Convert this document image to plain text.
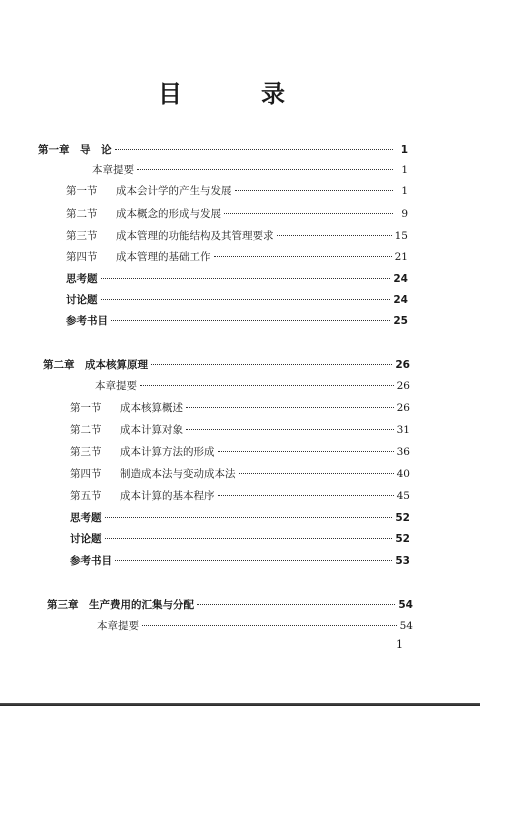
目	录
第一章　导　论	1
本章提要	1
第一节	成本会计学的产生与发展	1
第二节	成本概念的形成与发展	9
第三节	成本管理的功能结构及其管理要求	15
第四节	成本管理的基础工作	21
思考题	24
讨论题	24
参考书目	25
第二章　成本核算原理	26
本章提要	26
第一节	成本核算概述	26
第二节	成本计算对象	31
第三节	成本计算方法的形成	36
第四节	制造成本法与变动成本法	40
第五节	成本计算的基本程序	45
思考题	52
讨论题	52
参考书目	53
第三章　生产费用的汇集与分配	54
本章提要	54
1
